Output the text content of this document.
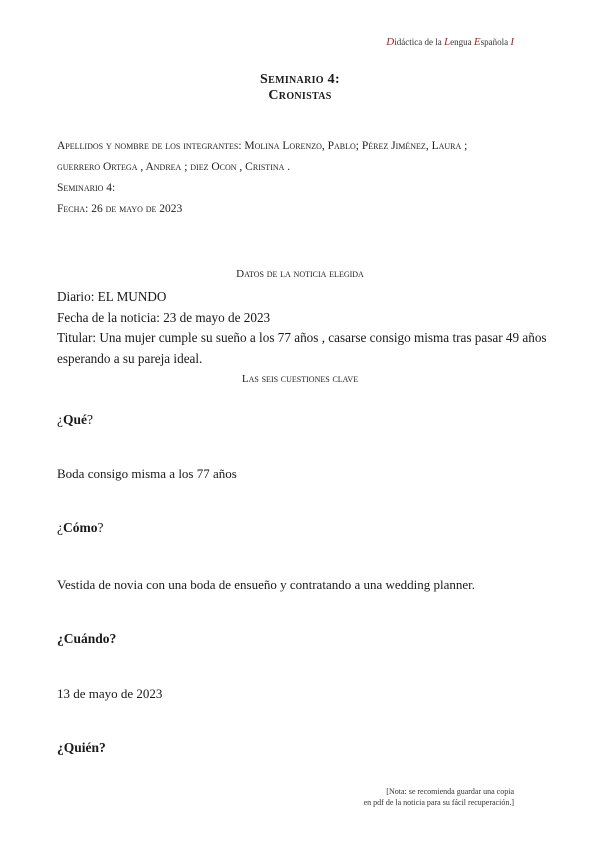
Didáctica de la Lengua Española I
Seminario 4:
Cronistas
Apellidos y nombre de los integrantes: Molina Lorenzo, Pablo; Pérez Jiménez, Laura ;
guerrero Ortega , Andrea ; diez Ocon , Cristina .
Seminario 4:
Fecha: 26 de mayo de 2023
Datos de la noticia elegida
Diario: EL MUNDO
Fecha de la noticia: 23 de mayo de 2023
Titular: Una mujer cumple su sueño a los 77 años , casarse consigo misma tras pasar 49 años esperando a su pareja ideal.
Las seis cuestiones clave
¿Qué?
Boda consigo misma a los 77 años
¿Cómo?
Vestida de novia con una boda de ensueño y contratando a una wedding planner.
¿Cuándo?
13 de mayo de 2023
¿Quién?
[Nota: se recomienda guardar una copia
en pdf de la noticia para su fácil recuperación.]
